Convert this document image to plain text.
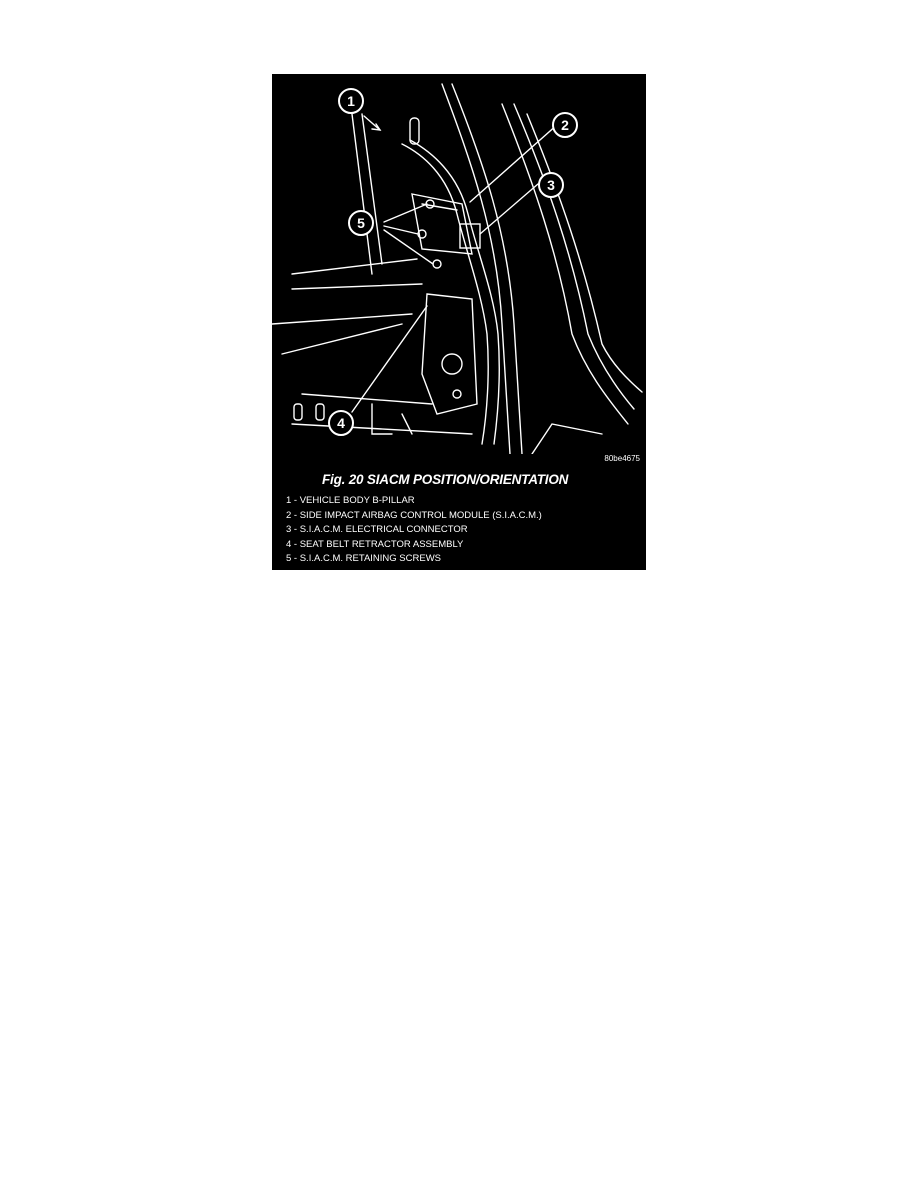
1
2
3
4
5
80be4675
Fig. 20 SIACM POSITION/ORIENTATION
1 - VEHICLE BODY B-PILLAR
2 - SIDE IMPACT AIRBAG CONTROL MODULE (S.I.A.C.M.)
3 - S.I.A.C.M. ELECTRICAL CONNECTOR
4 - SEAT BELT RETRACTOR ASSEMBLY
5 - S.I.A.C.M. RETAINING SCREWS
